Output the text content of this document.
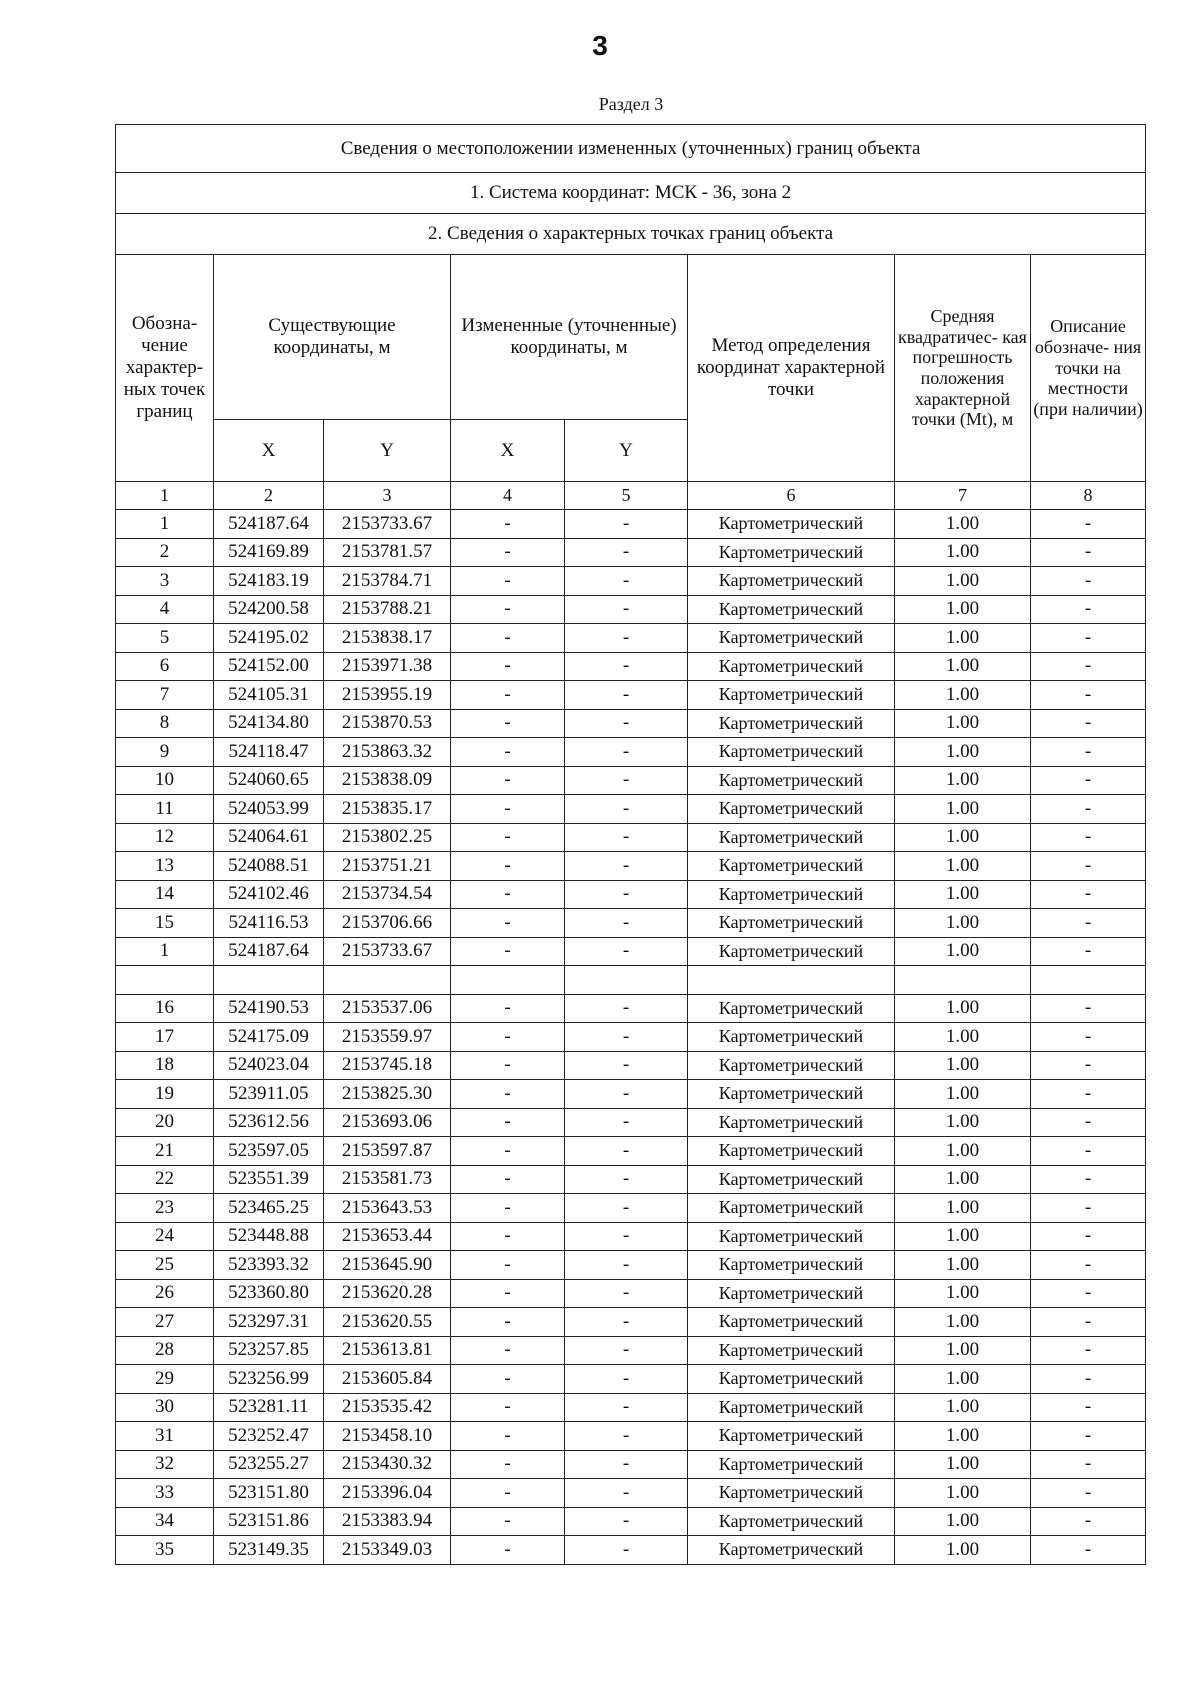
3
Раздел 3
Сведения о местоположении измененных (уточненных) границ объекта							
1. Система координат: МСК - 36, зона 2							
2. Сведения о характерных точках границ объекта							
Обозна- чение характер- ных точек границ	Существующие координаты, м		Измененные (уточненные) координаты, м		Метод определения координат характерной точки	Средняя квадратичес- кая погрешность положения характерной точки (Mt), м	Описание обозначе- ния точки на местности (при наличии)
	X	Y	X	Y			
1	2	3	4	5	6	7	8
1	524187.64	2153733.67	-	-	Картометрический	1.00	-
2	524169.89	2153781.57	-	-	Картометрический	1.00	-
3	524183.19	2153784.71	-	-	Картометрический	1.00	-
4	524200.58	2153788.21	-	-	Картометрический	1.00	-
5	524195.02	2153838.17	-	-	Картометрический	1.00	-
6	524152.00	2153971.38	-	-	Картометрический	1.00	-
7	524105.31	2153955.19	-	-	Картометрический	1.00	-
8	524134.80	2153870.53	-	-	Картометрический	1.00	-
9	524118.47	2153863.32	-	-	Картометрический	1.00	-
10	524060.65	2153838.09	-	-	Картометрический	1.00	-
11	524053.99	2153835.17	-	-	Картометрический	1.00	-
12	524064.61	2153802.25	-	-	Картометрический	1.00	-
13	524088.51	2153751.21	-	-	Картометрический	1.00	-
14	524102.46	2153734.54	-	-	Картометрический	1.00	-
15	524116.53	2153706.66	-	-	Картометрический	1.00	-
1	524187.64	2153733.67	-	-	Картометрический	1.00	-

16	524190.53	2153537.06	-	-	Картометрический	1.00	-
17	524175.09	2153559.97	-	-	Картометрический	1.00	-
18	524023.04	2153745.18	-	-	Картометрический	1.00	-
19	523911.05	2153825.30	-	-	Картометрический	1.00	-
20	523612.56	2153693.06	-	-	Картометрический	1.00	-
21	523597.05	2153597.87	-	-	Картометрический	1.00	-
22	523551.39	2153581.73	-	-	Картометрический	1.00	-
23	523465.25	2153643.53	-	-	Картометрический	1.00	-
24	523448.88	2153653.44	-	-	Картометрический	1.00	-
25	523393.32	2153645.90	-	-	Картометрический	1.00	-
26	523360.80	2153620.28	-	-	Картометрический	1.00	-
27	523297.31	2153620.55	-	-	Картометрический	1.00	-
28	523257.85	2153613.81	-	-	Картометрический	1.00	-
29	523256.99	2153605.84	-	-	Картометрический	1.00	-
30	523281.11	2153535.42	-	-	Картометрический	1.00	-
31	523252.47	2153458.10	-	-	Картометрический	1.00	-
32	523255.27	2153430.32	-	-	Картометрический	1.00	-
33	523151.80	2153396.04	-	-	Картометрический	1.00	-
34	523151.86	2153383.94	-	-	Картометрический	1.00	-
35	523149.35	2153349.03	-	-	Картометрический	1.00	-
